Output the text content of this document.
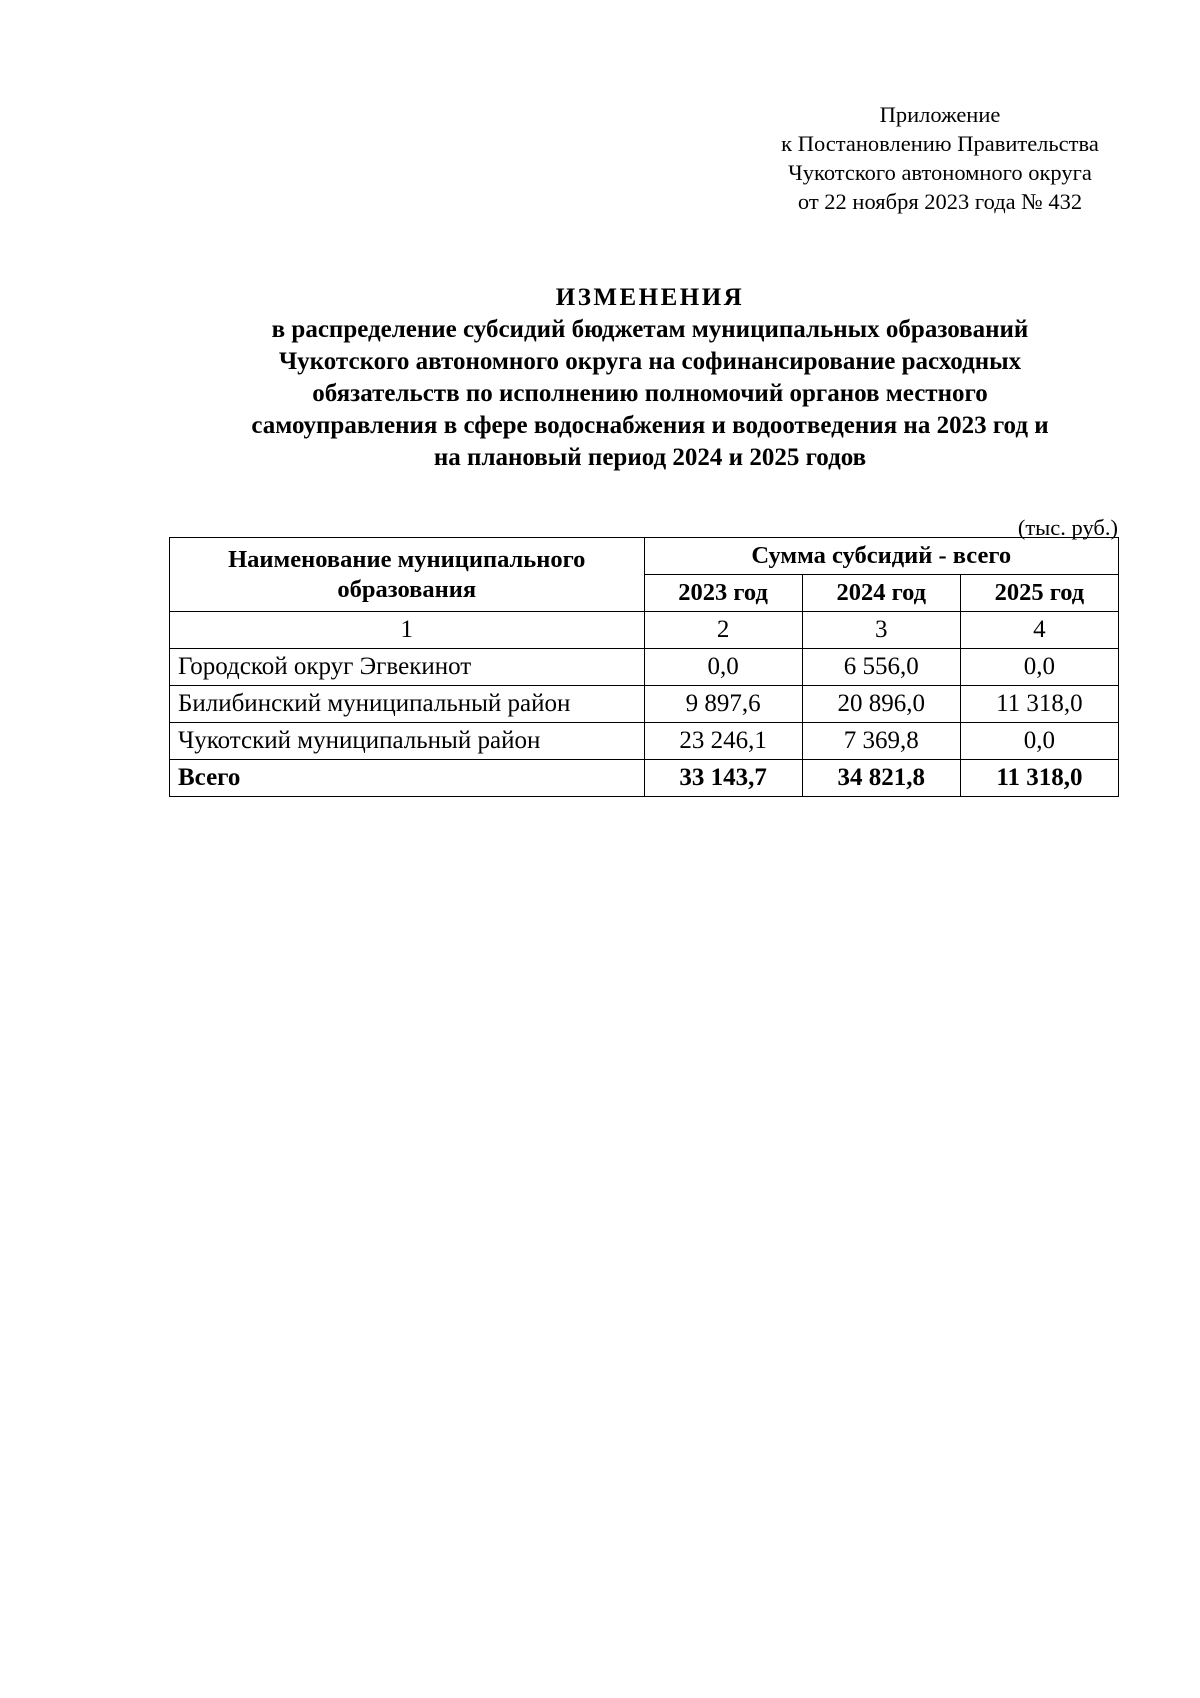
Приложение
к Постановлению Правительства
Чукотского автономного округа
от 22 ноября 2023 года № 432
ИЗМЕНЕНИЯ
в распределение субсидий бюджетам муниципальных образований
Чукотского автономного округа на софинансирование расходных
обязательств по исполнению полномочий органов местного
самоуправления в сфере водоснабжения и водоотведения на 2023 год и
на плановый период 2024 и 2025 годов
(тыс. руб.)
Наименование муниципального
образования	Сумма субсидий - всего		
	2023 год	2024 год	2025 год
1	2	3	4
Городской округ Эгвекинот	0,0	6 556,0	0,0
Билибинский муниципальный район	9 897,6	20 896,0	11 318,0
Чукотский муниципальный район	23 246,1	7 369,8	0,0
Всего	33 143,7	34 821,8	11 318,0
